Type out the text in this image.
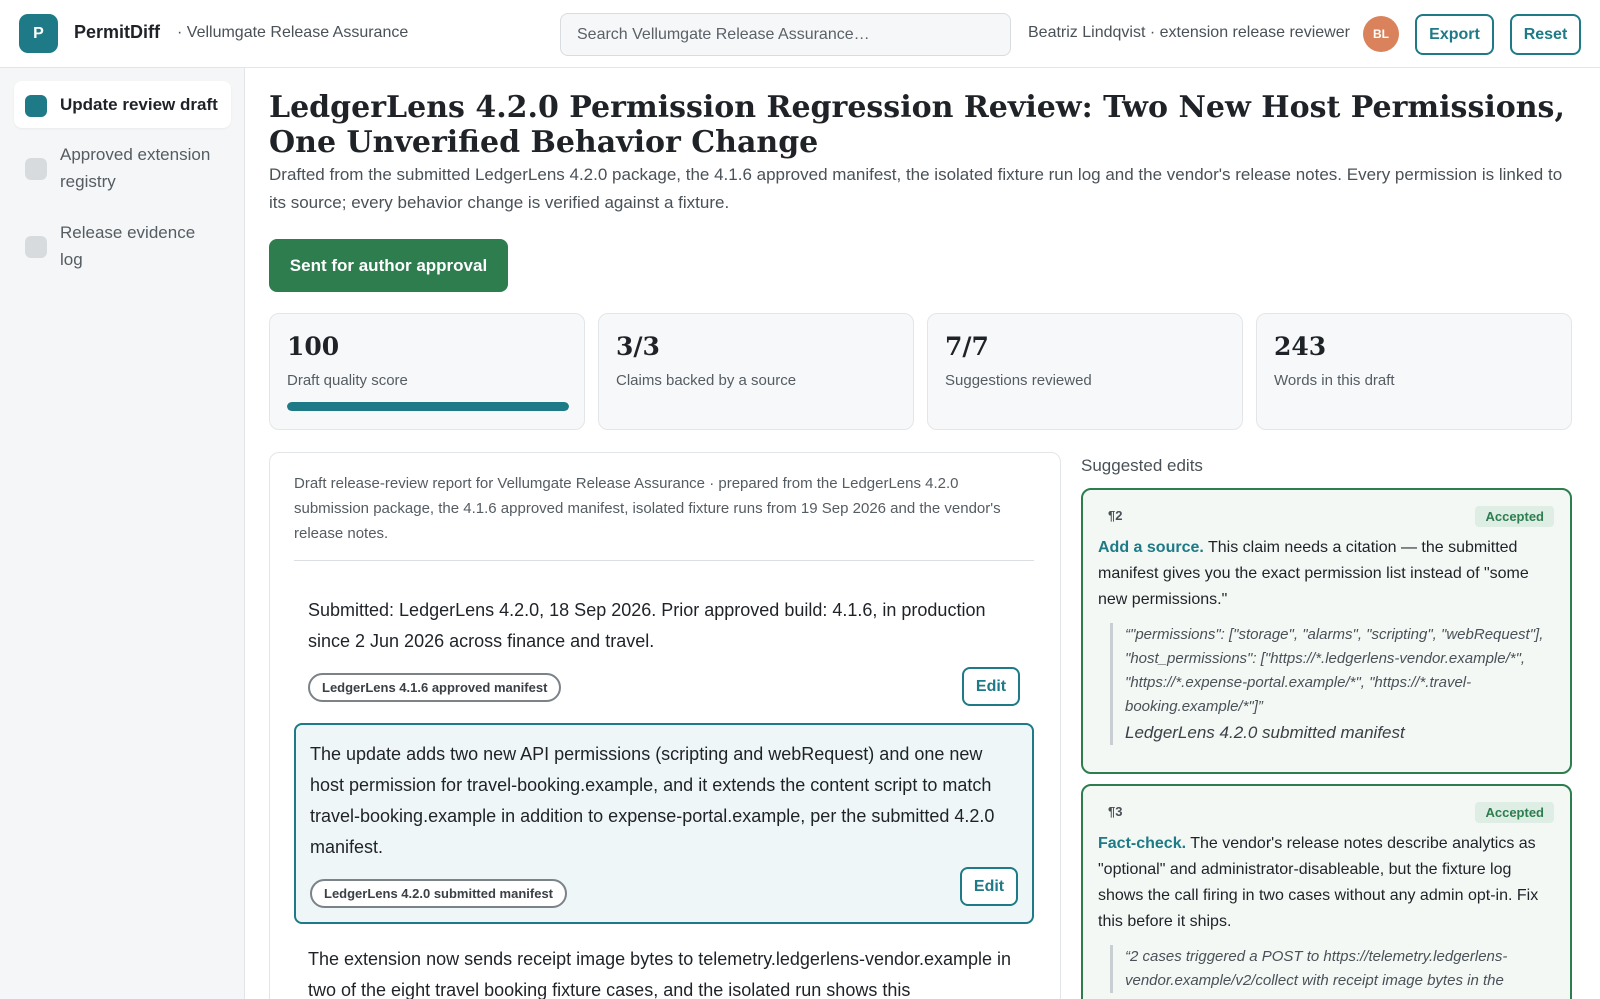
P	PermitDiff · Vellumgate Release Assurance
Search Vellumgate Release Assurance…	Beatriz Lindqvist · extension release reviewer	BL	Export	Reset
Update review draft
Approved extension registry
Release evidence log
LedgerLens 4.2.0 Permission Regression Review: Two New Host Permissions, One Unverified Behavior Change

Drafted from the submitted LedgerLens 4.2.0 package, the 4.1.6 approved manifest, the isolated fixture run log and the vendor's release notes. Every permission is linked to its source; every behavior change is verified against a fixture.

Sent for author approval
100
Draft quality score
3/3
Claims backed by a source
7/7
Suggestions reviewed
243
Words in this draft
Draft release-review report for Vellumgate Release Assurance · prepared from the LedgerLens 4.2.0 submission package, the 4.1.6 approved manifest, isolated fixture runs from 19 Sep 2026 and the vendor's release notes.
Submitted: LedgerLens 4.2.0, 18 Sep 2026. Prior approved build: 4.1.6, in production since 2 Jun 2026 across finance and travel.
LedgerLens 4.1.6 approved manifest	Edit
The update adds two new API permissions (scripting and webRequest) and one new host permission for travel-booking.example, and it extends the content script to match travel-booking.example in addition to expense-portal.example, per the submitted 4.2.0 manifest.
LedgerLens 4.2.0 submitted manifest	Edit
The extension now sends receipt image bytes to telemetry.ledgerlens-vendor.example in two of the eight travel booking fixture cases, and the isolated run shows this
Suggested edits
¶2	Accepted
Add a source. This claim needs a citation — the submitted manifest gives you the exact permission list instead of "some new permissions."
“"permissions": ["storage", "alarms", "scripting", "webRequest"], "host_permissions": ["https://*.ledgerlens-vendor.example/*", "https://*.expense-portal.example/*", "https://*.travel-booking.example/*"]”
LedgerLens 4.2.0 submitted manifest
¶3	Accepted
Fact-check. The vendor's release notes describe analytics as "optional" and administrator-disableable, but the fixture log shows the call firing in two cases without any admin opt-in. Fix this before it ships.
“2 cases triggered a POST to https://telemetry.ledgerlens-vendor.example/v2/collect with receipt image bytes in the
